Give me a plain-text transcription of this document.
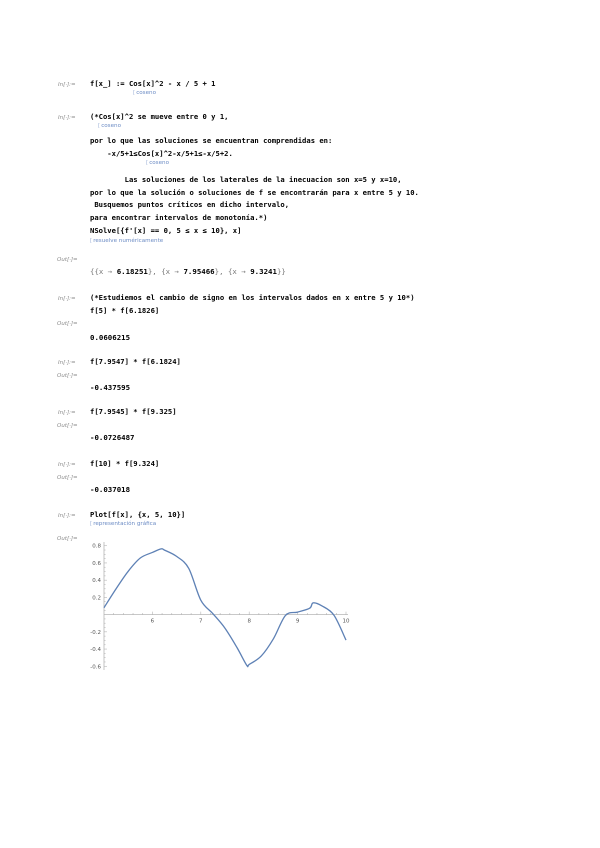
In[·]:= f[x_] := Cos[x]^2 - x / 5 + 1
[ coseno
In[·]:= (*Cos[x]^2 se mueve entre 0 y 1,
[ coseno
por lo que las soluciones se encuentran comprendidas en:
-x/5+1≤Cos[x]^2-x/5+1≤-x/5+2.
[ coseno
Las soluciones de los laterales de la inecuacion son x=5 y x=10,
por lo que la solución o soluciones de f se encontrarán para x entre 5 y 10.
Busquemos puntos críticos en dicho intervalo,
para encontrar intervalos de monotonía.*)
NSolve[{f'[x] == 0, 5 ≤ x ≤ 10}, x]
[ resuelve numéricamente
Out[·]=
{{x → 6.18251}, {x → 7.95466}, {x → 9.3241}}
In[·]:= (*Estudiemos el cambio de signo en los intervalos dados en x entre 5 y 10*)
f[5] * f[6.1826]
Out[·]=
0.0606215
In[·]:= f[7.9547] * f[6.1824]
Out[·]=
-0.437595
In[·]:= f[7.9545] * f[9.325]
Out[·]=
-0.0726487
In[·]:= f[10] * f[9.324]
Out[·]=
-0.037018
In[·]:= Plot[f[x], {x, 5, 10}]
[ representación gráfica
Out[·]=
6	7	8	9	10
0.8
0.6
0.4
0.2
-0.2
-0.4
-0.6
